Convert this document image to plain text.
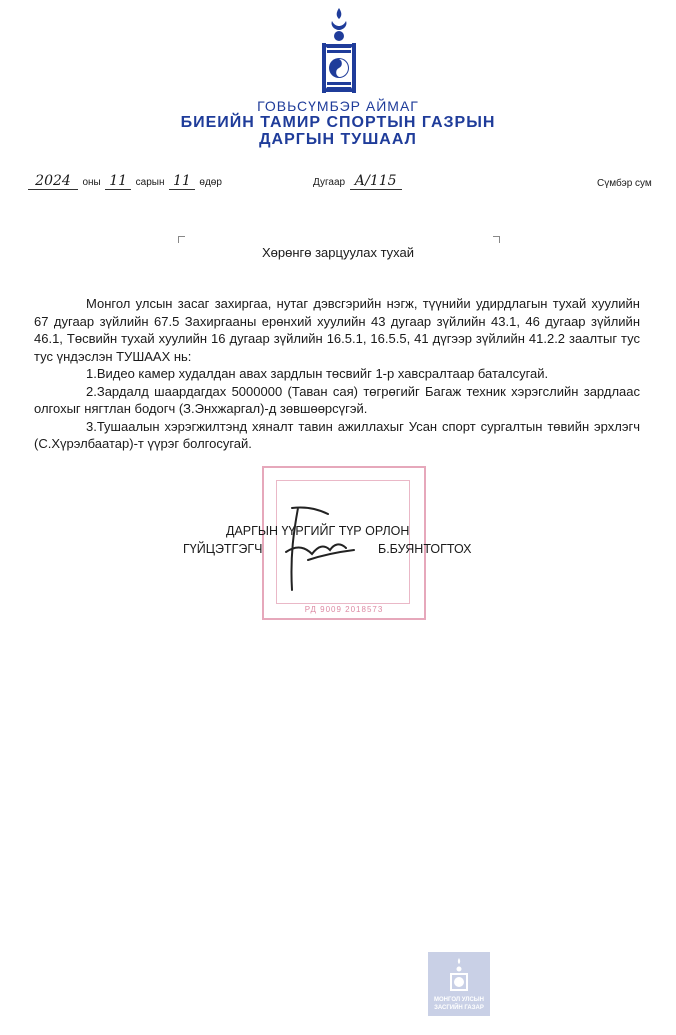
ГОВЬСҮМБЭР АЙМАГ
БИЕИЙН ТАМИР СПОРТЫН ГАЗРЫН
ДАРГЫН ТУШААЛ
2024 оны 11 сарын 11 өдөр	Дугаар А/115	Сүмбэр сум
Хөрөнгө зарцуулах тухай

Монгол улсын засаг захиргаа, нутаг дэвсгэрийн нэгж, түүнийи удирдлагын тухай хуулийн 67 дугаар зүйлийн 67.5 Захиргааны ерөнхий хуулийн 43 дугаар зүйлийн 43.1, 46 дугаар зүйлийн 46.1, Төсвийн тухай хуулийн 16 дугаар зүйлийн 16.5.1, 16.5.5, 41 дүгээр зүйлийн 41.2.2 заалтыг тус тус үндэслэн ТУШААХ нь:

1.Видео камер худалдан авах зардлын төсвийг 1-р хавсралтаар баталсугай.

2.Зардалд шаардагдах 5000000 (Таван сая) төгрөгийг Багаж техник хэрэгслийн зардлаас олгохыг нягтлан бодогч (З.Энхжаргал)-д зөвшөөрсүгэй.

3.Тушаалын хэрэгжилтэнд хяналт тавин ажиллахыг Усан спорт сургалтын төвийн эрхлэгч (С.Хүрэлбаатар)-т үүрэг болгосугай.

РД 9009 2018573
ДАРГЫН ҮҮРГИЙГ ТҮР ОРЛОН
ГҮЙЦЭТГЭГЧ	Б.БУЯНТОГТОХ
МОНГОЛ УЛСЫН
ЗАСГИЙН ГАЗАР
